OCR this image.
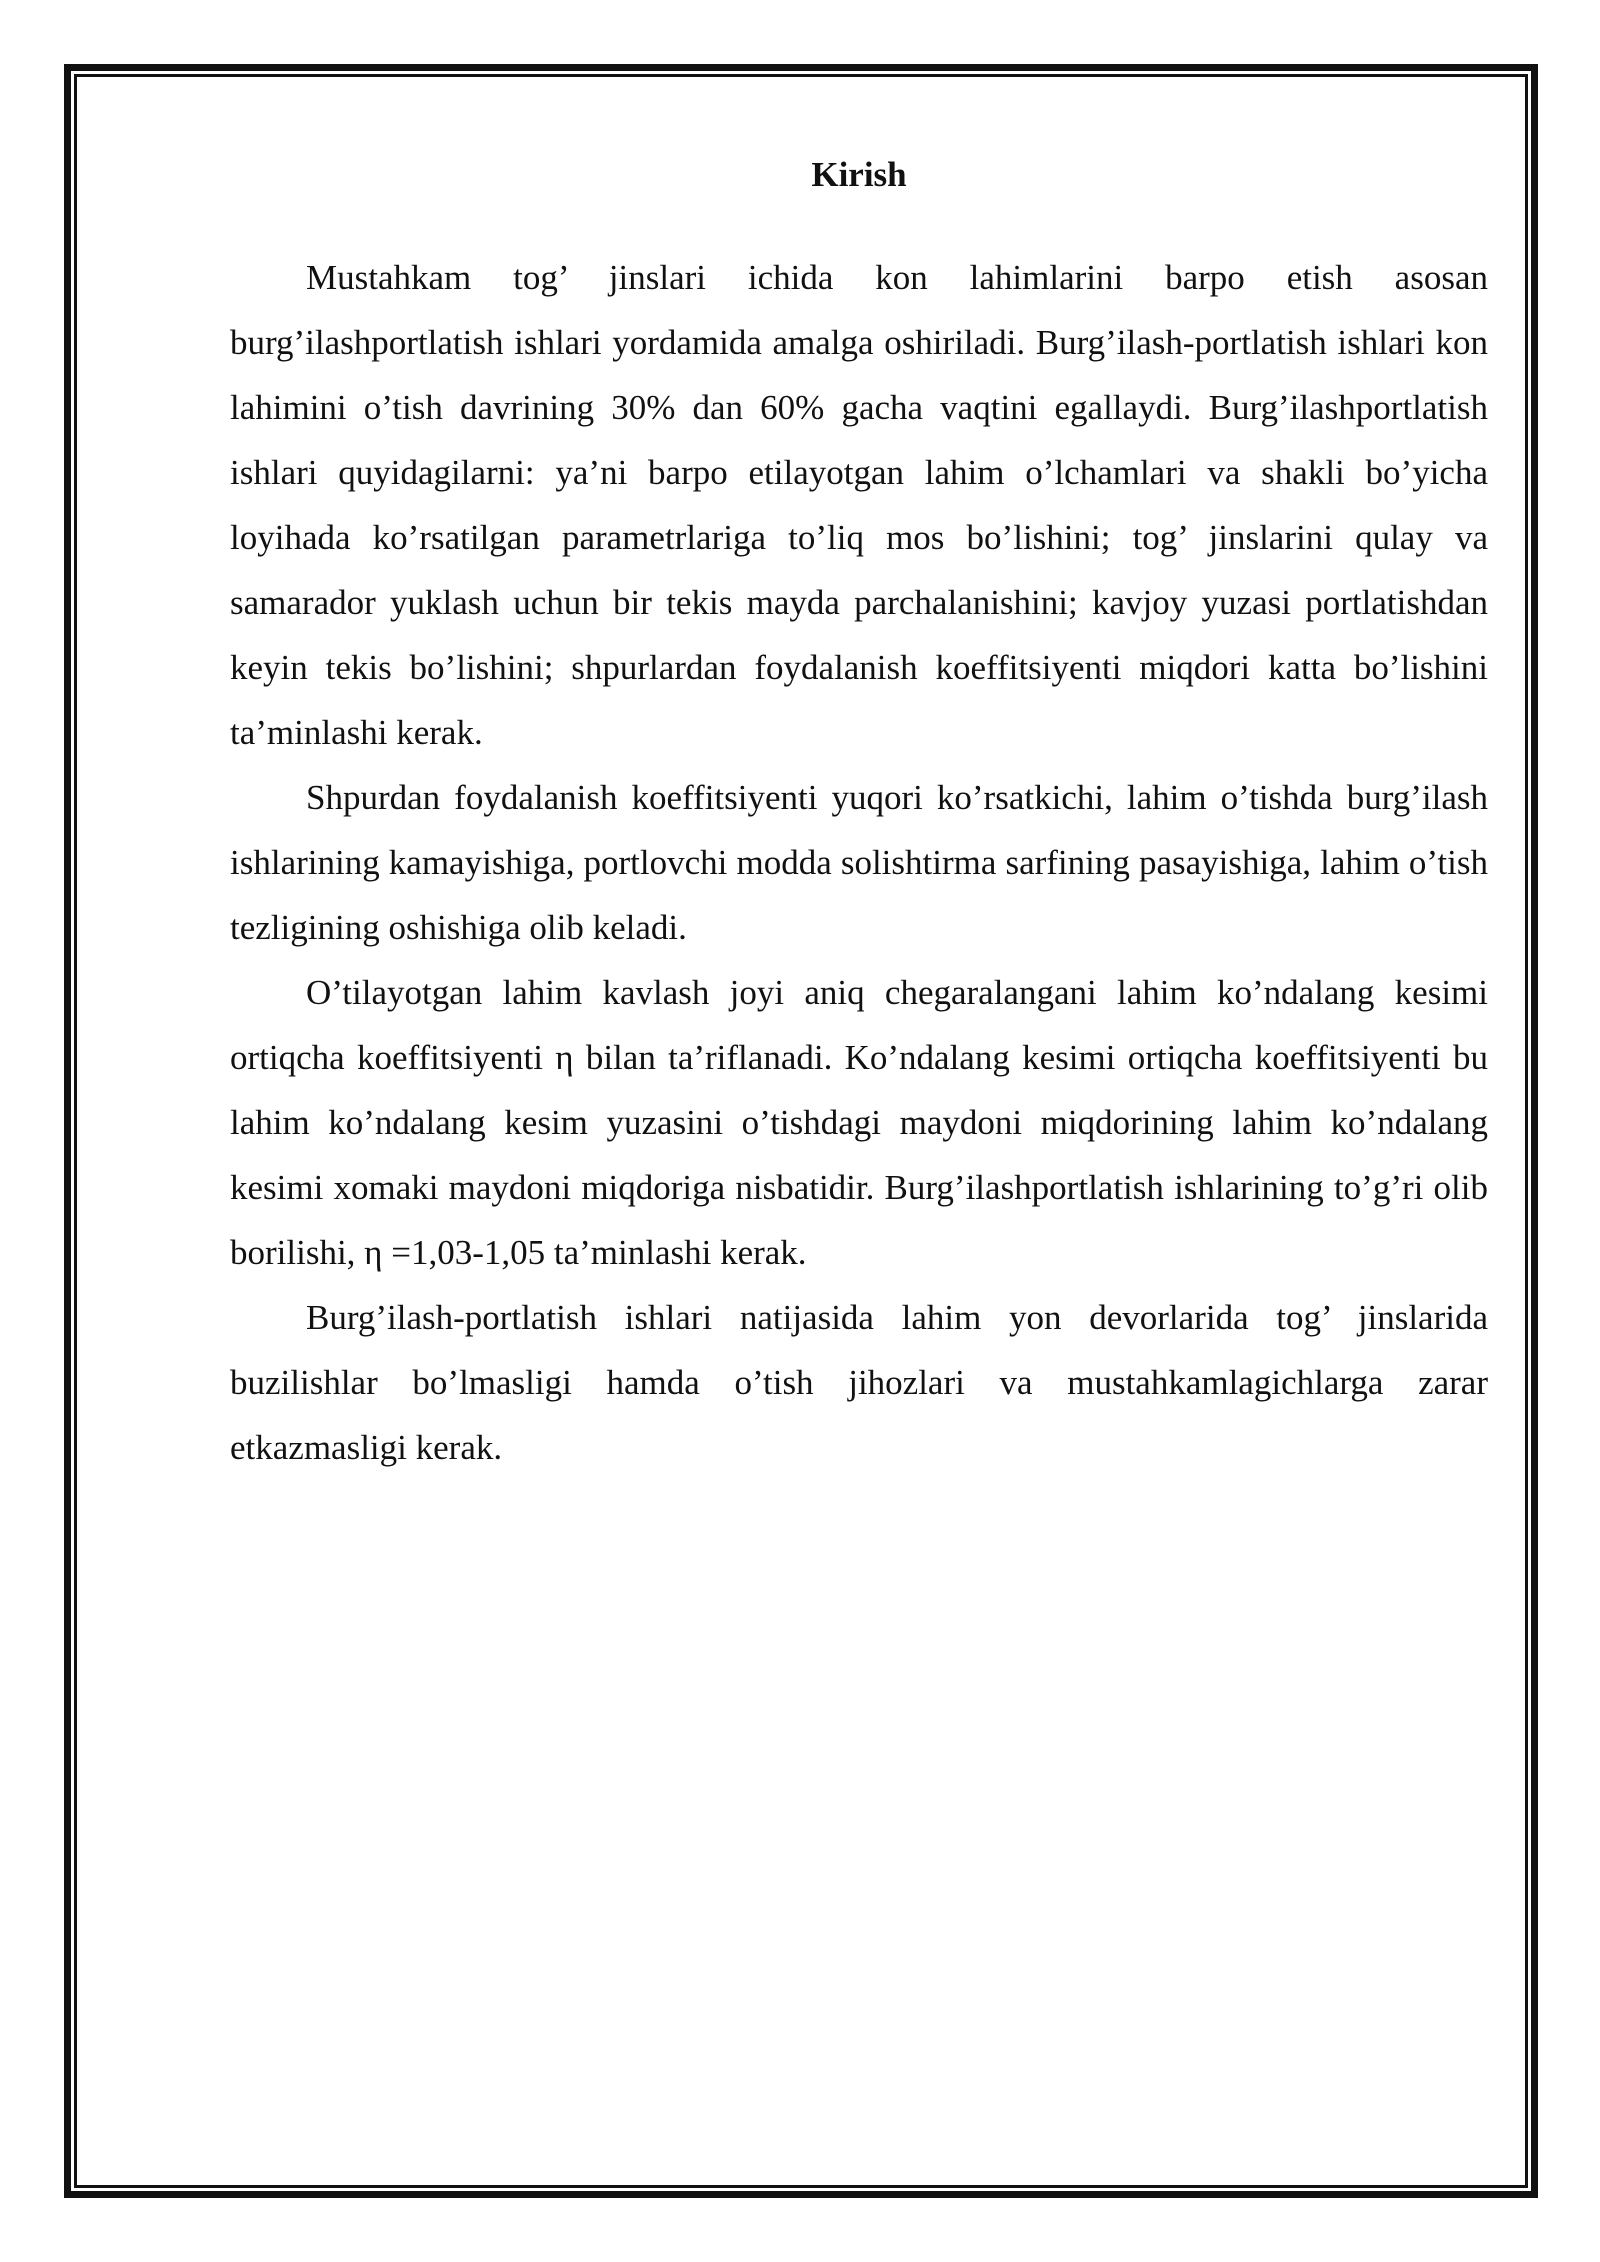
Kirish

Mustahkam tog’ jinslari ichida kon lahimlarini barpo etish asosan burg’ilashportlatish ishlari yordamida amalga oshiriladi. Burg’ilash-portlatish ishlari kon lahimini o’tish davrining 30% dan 60% gacha vaqtini egallaydi. Burg’ilashportlatish ishlari quyidagilarni: ya’ni barpo etilayotgan lahim o’lchamlari va shakli bo’yicha loyihada ko’rsatilgan parametrlariga to’liq mos bo’lishini; tog’ jinslarini qulay va samarador yuklash uchun bir tekis mayda parchalanishini; kavjoy yuzasi portlatishdan keyin tekis bo’lishini; shpurlardan foydalanish koeffitsiyenti miqdori katta bo’lishini ta’minlashi kerak.

Shpurdan foydalanish koeffitsiyenti yuqori ko’rsatkichi, lahim o’tishda burg’ilash ishlarining kamayishiga, portlovchi modda solishtirma sarfining pasayishiga, lahim o’tish tezligining oshishiga olib keladi.

O’tilayotgan lahim kavlash joyi aniq chegaralangani lahim ko’ndalang kesimi ortiqcha koeffitsiyenti η bilan ta’riflanadi. Ko’ndalang kesimi ortiqcha koeffitsiyenti bu lahim ko’ndalang kesim yuzasini o’tishdagi maydoni miqdorining lahim ko’ndalang kesimi xomaki maydoni miqdoriga nisbatidir. Burg’ilashportlatish ishlarining to’g’ri olib borilishi, η =1,03-1,05 ta’minlashi kerak.

Burg’ilash-portlatish ishlari natijasida lahim yon devorlarida tog’ jinslarida buzilishlar bo’lmasligi hamda o’tish jihozlari va mustahkamlagichlarga zarar etkazmasligi kerak.
